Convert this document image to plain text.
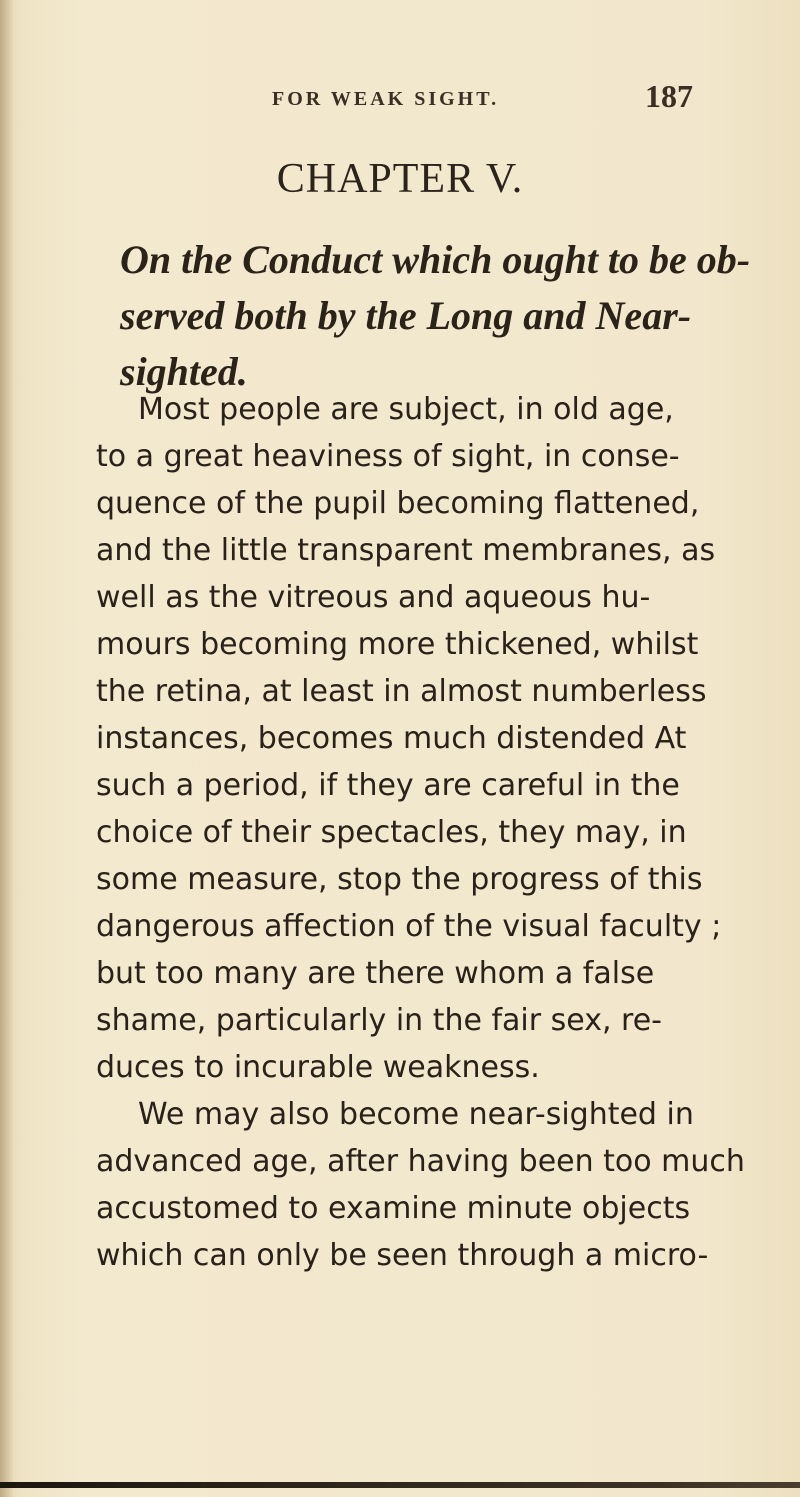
FOR WEAK SIGHT.	187
CHAPTER V.
On the Conduct which ought to be ob-
served both by the Long and Near-
sighted.
Most people are subject, in old age,
to a great heaviness of sight, in conse-
quence of the pupil becoming flattened,
and the little transparent membranes, as
well as the vitreous and aqueous hu-
mours becoming more thickened, whilst
the retina, at least in almost numberless
instances, becomes much distended At
such a period, if they are careful in the
choice of their spectacles, they may, in
some measure, stop the progress of this
dangerous affection of the visual faculty ;
but too many are there whom a false
shame, particularly in the fair sex, re-
duces to incurable weakness.
We may also become near-sighted in
advanced age, after having been too much
accustomed to examine minute objects
which can only be seen through a micro-
